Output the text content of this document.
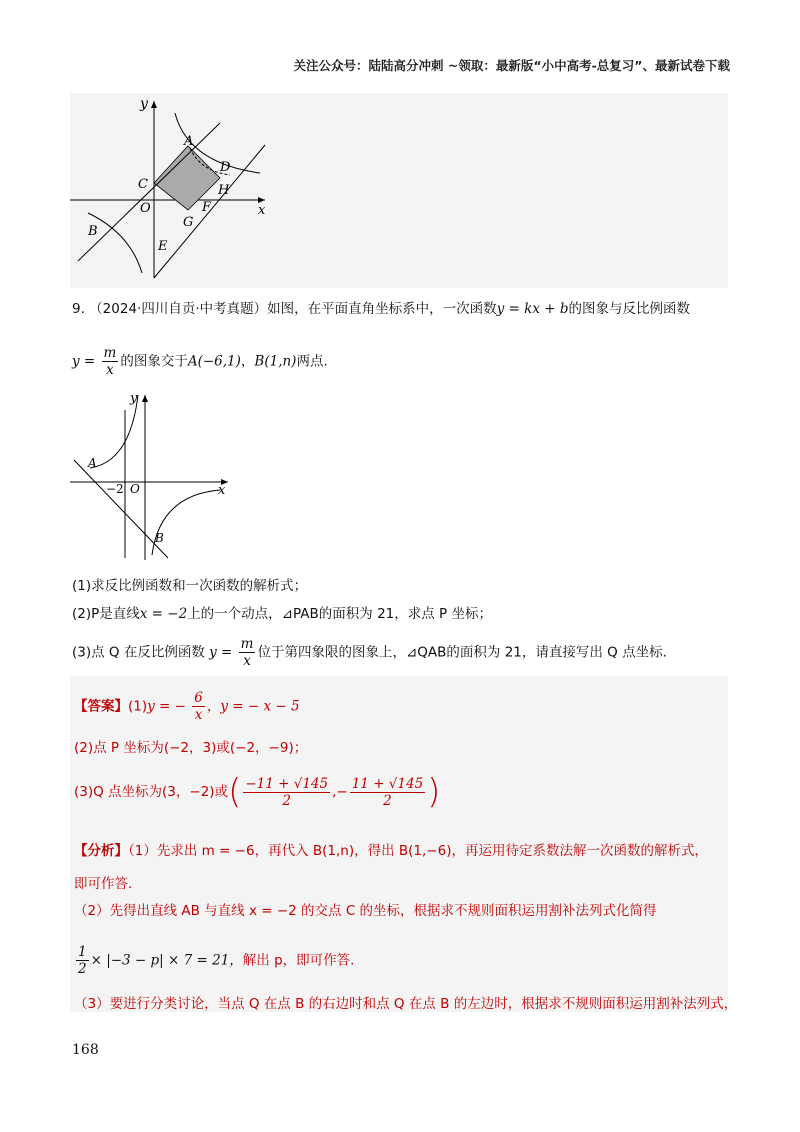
关注公众号：陆陆高分冲刺 ~领取：最新版“小中高考-总复习”、最新试卷下载
y
A
D
C	H
O	F	x
G
B
E
9. （2024·四川自贡·中考真题）如图，在平面直角坐标系中，一次函数y = kx + b的图象与反比例函数
$y = \frac{m}{x}$ 的图象交于A(−6,1)，B(1,n)两点.
y
A
−2 O	x
B
(1)求反比例函数和一次函数的解析式；
(2)P是直线x = −2上的一个动点，⊿PAB的面积为 21，求点 P 坐标；
(3)点 Q 在反比例函数 $y = \frac{m}{x}$ 位于第四象限的图象上，⊿QAB的面积为 21，请直接写出 Q 点坐标.
【答案】(1)y = − $\frac{6}{x}$ ，y = − x − 5
(2)点 P 坐标为(−2，3)或(−2，−9)；
(3)Q 点坐标为(3，−2)或( $\frac{-11 + √145}{2}$ ,− $\frac{11 + √145}{2}$ )
【分析】（1）先求出 m = −6，再代入 B(1,n)，得出 B(1,−6)，再运用待定系数法解一次函数的解析式，
即可作答.
（2）先得出直线 AB 与直线 x = −2 的交点 C 的坐标，根据求不规则面积运用割补法列式化简得
$\frac{1}{2} \times |-3 - p| \times 7 = 21$，解出 p，即可作答.
（3）要进行分类讨论，当点 Q 在点 B 的右边时和点 Q 在点 B 的左边时，根据求不规则面积运用割补法列式，
168
